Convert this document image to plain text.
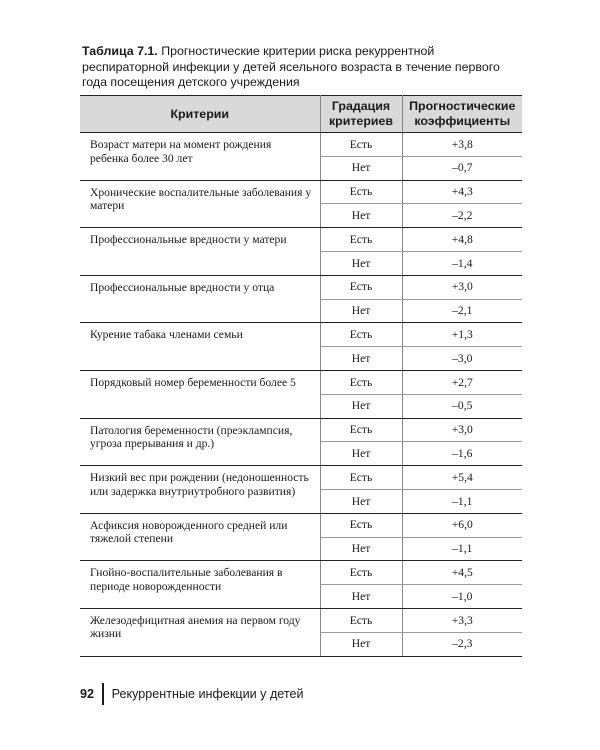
Таблица 7.1. Прогностические критерии риска рекуррентной респираторной инфекции у детей ясельного возраста в течение первого года посещения детского учреждения
Критерии	Градация критериев	Прогностические коэффициенты
Возраст матери на момент рождения ребенка более 30 лет	Есть	+3,8
	Нет	–0,7
Хронические воспалительные заболевания у матери	Есть	+4,3
	Нет	–2,2
Профессиональные вредности у матери	Есть	+4,8
	Нет	–1,4
Профессиональные вредности у отца	Есть	+3,0
	Нет	–2,1
Курение табака членами семьи	Есть	+1,3
	Нет	–3,0
Порядковый номер беременности более 5	Есть	+2,7
	Нет	–0,5
Патология беременности (преэклампсия, угроза прерывания и др.)	Есть	+3,0
	Нет	–1,6
Низкий вес при рождении (недоношенность или задержка внутриутробного развития)	Есть	+5,4
	Нет	–1,1
Асфиксия новорожденного средней или тяжелой степени	Есть	+6,0
	Нет	–1,1
Гнойно-воспалительные заболевания в периоде новорожденности	Есть	+4,5
	Нет	–1,0
Железодефицитная анемия на первом году жизни	Есть	+3,3
	Нет	–2,3
92	Рекуррентные инфекции у детей
